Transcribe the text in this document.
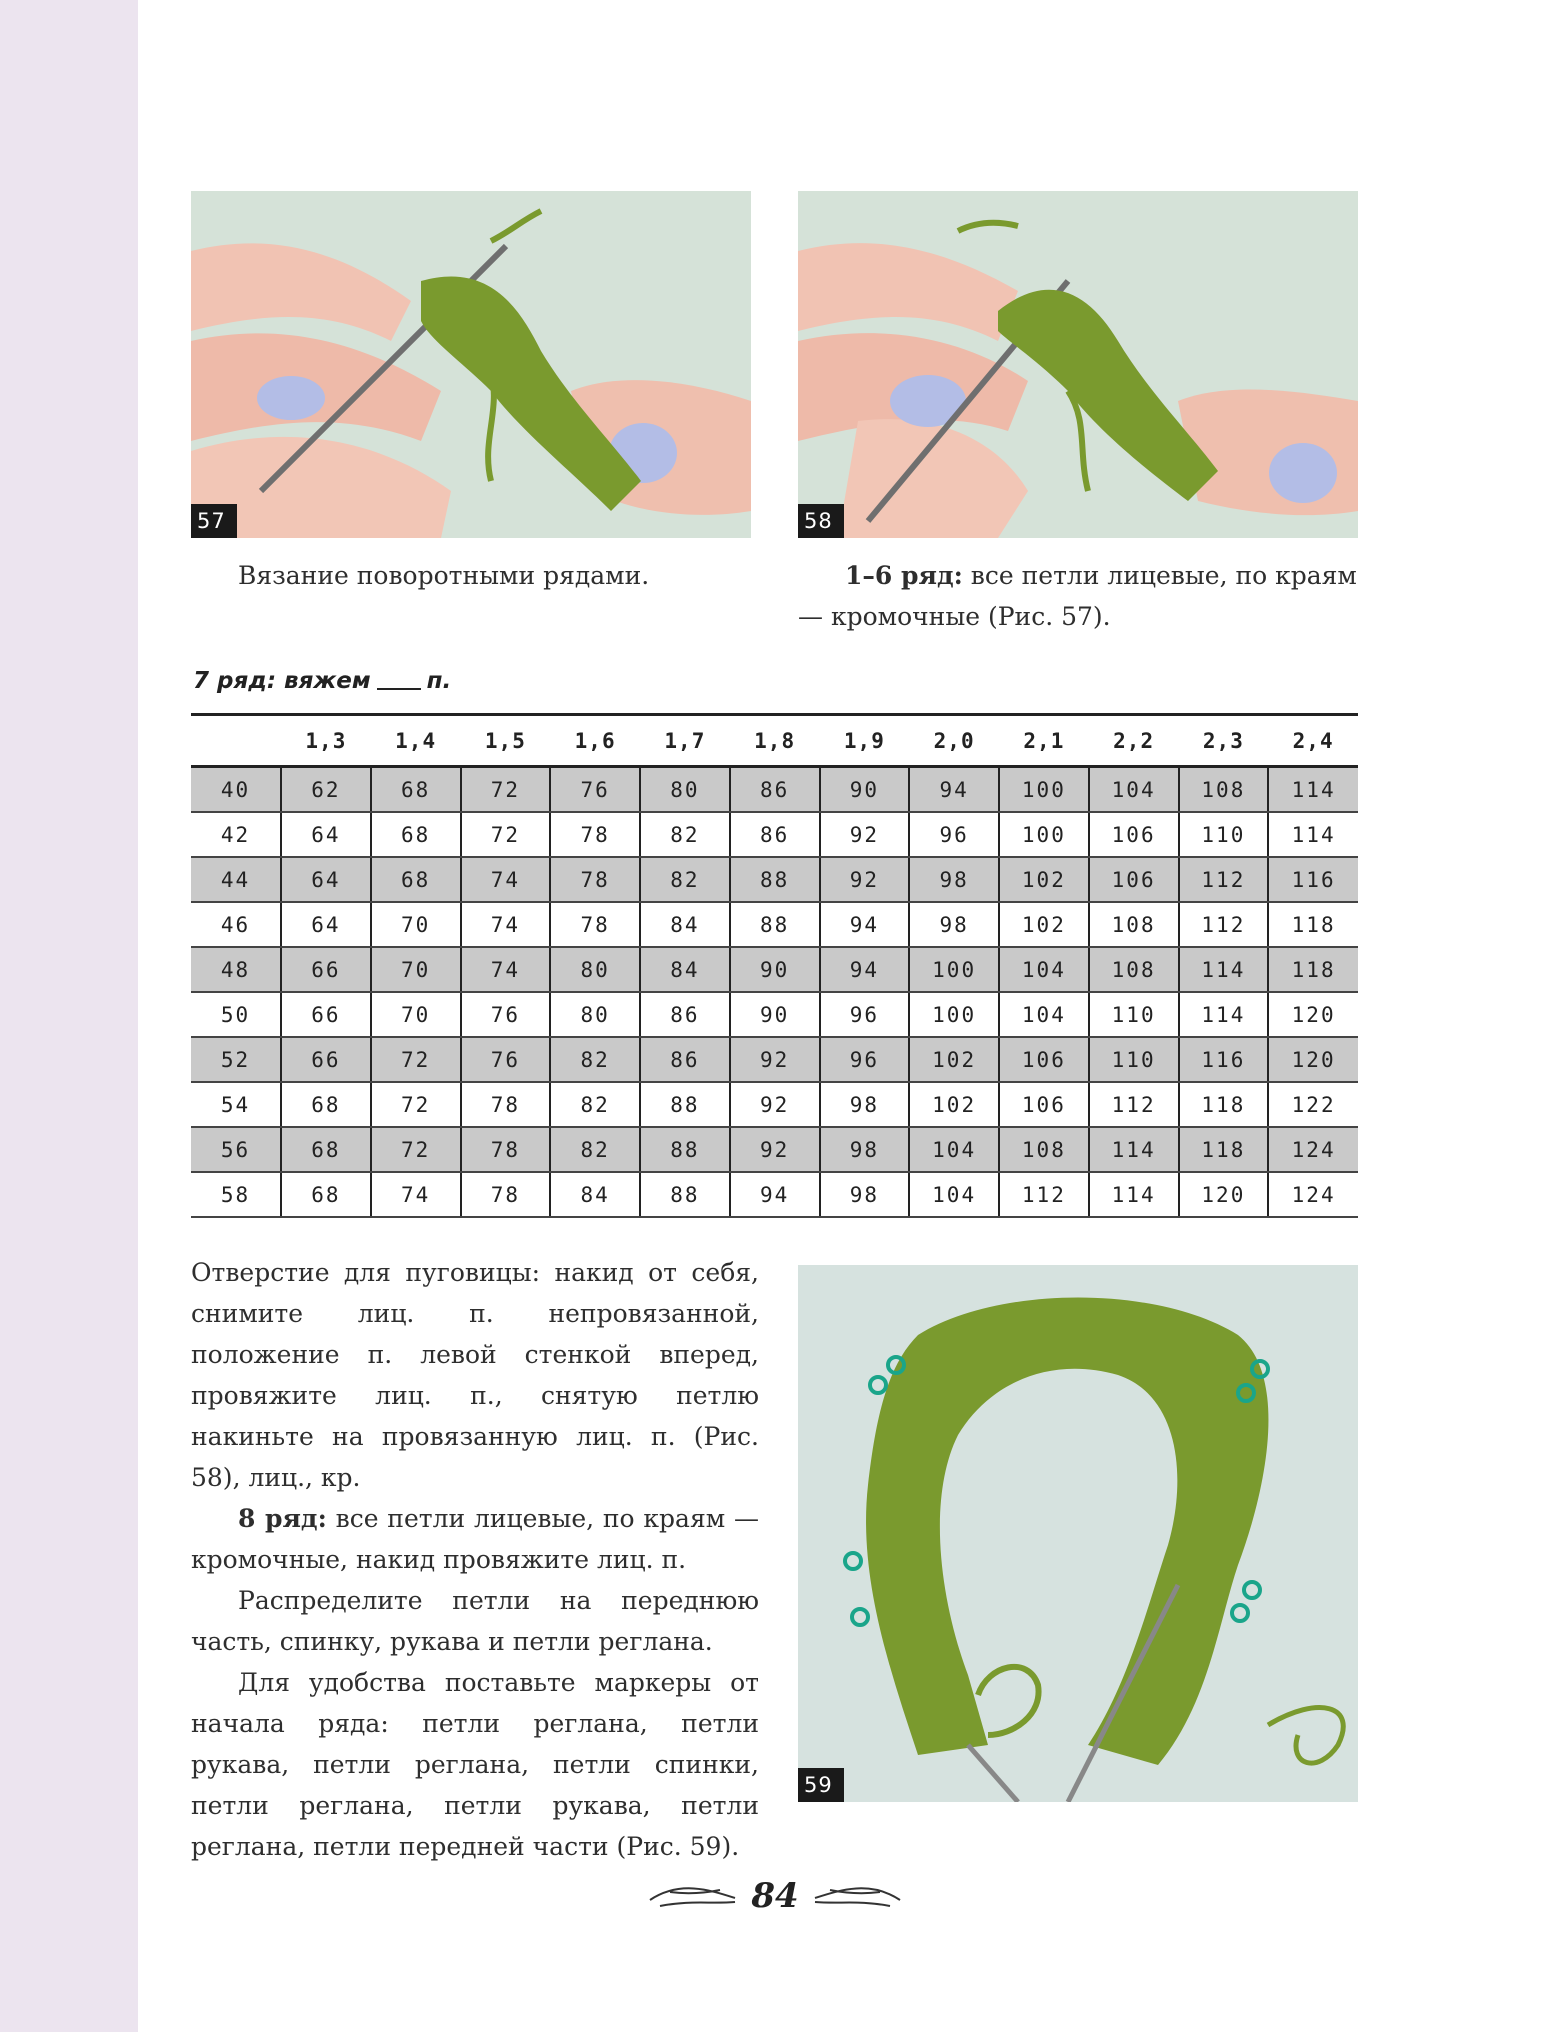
57	58
Вязание поворотными рядами.	1–6 ряд: все петли лицевые, по краям — кромочные (Рис. 57).
7 ряд: вяжем п.
	1,3	1,4	1,5	1,6	1,7	1,8	1,9	2,0	2,1	2,2	2,3	2,4
40	62	68	72	76	80	86	90	94	100	104	108	114
42	64	68	72	78	82	86	92	96	100	106	110	114
44	64	68	74	78	82	88	92	98	102	106	112	116
46	64	70	74	78	84	88	94	98	102	108	112	118
48	66	70	74	80	84	90	94	100	104	108	114	118
50	66	70	76	80	86	90	96	100	104	110	114	120
52	66	72	76	82	86	92	96	102	106	110	116	120
54	68	72	78	82	88	92	98	102	106	112	118	122
56	68	72	78	82	88	92	98	104	108	114	118	124
58	68	74	78	84	88	94	98	104	112	114	120	124
59

Отверстие для пуговицы: накид от себя, снимите лиц. п. непровязанной, положение п. левой стенкой вперед, провяжите лиц. п., снятую петлю накиньте на провязанную лиц. п. (Рис. 58), лиц., кр.

8 ряд: все петли лицевые, по краям — кромочные, накид провяжите лиц. п.

Распределите петли на переднюю часть, спинку, рукава и петли реглана.

Для удобства поставьте маркеры от начала ряда: петли реглана, петли рукава, петли реглана, петли спинки, петли реглана, петли рукава, петли реглана, петли передней части (Рис. 59).

84
